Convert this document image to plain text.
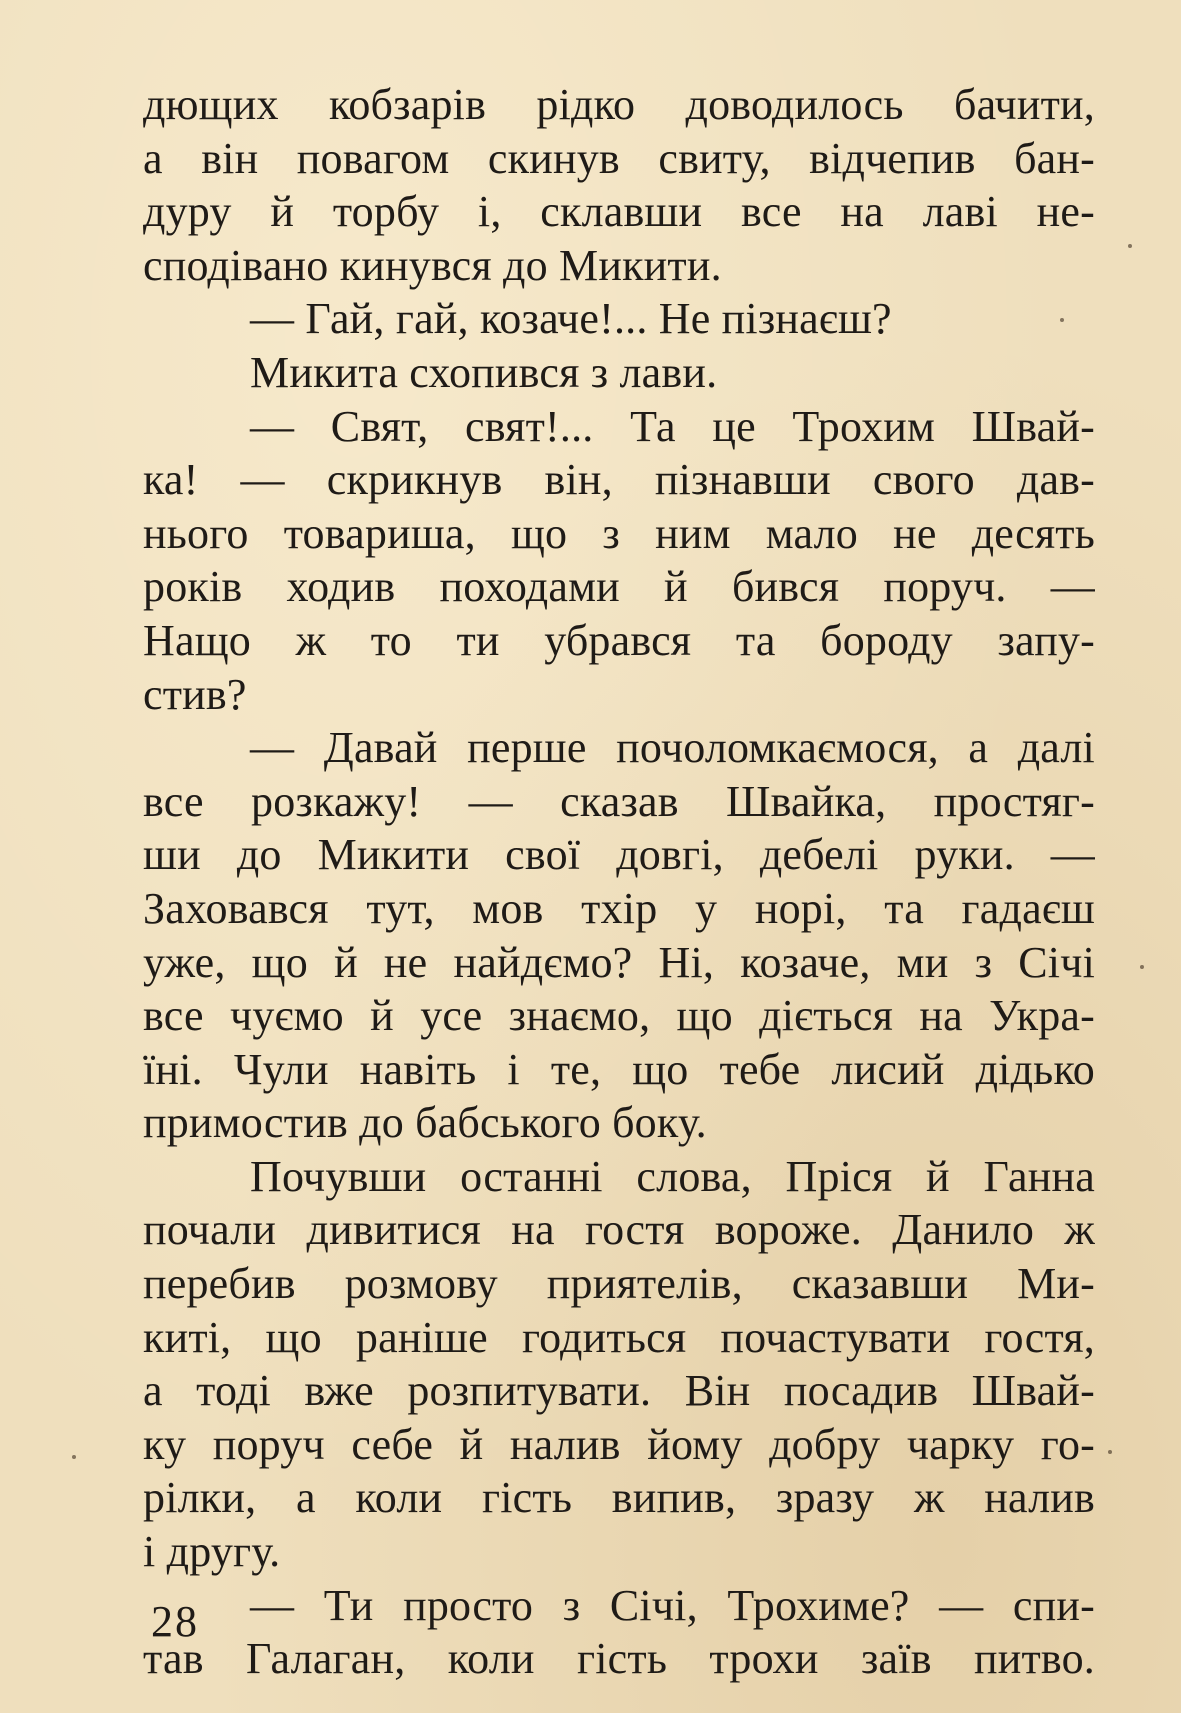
дющих кобзарів рідко доводилось бачити,
а він повагом скинув свиту, відчепив бан-
дуру й торбу і, склавши все на лаві не-
сподівано кинувся до Микити.
— Гай, гай, козаче!... Не пізнаєш?
Микита схопився з лави.
— Свят, свят!... Та це Трохим Швай-
ка! — скрикнув він, пізнавши свого дав-
нього товариша, що з ним мало не десять
років ходив походами й бився поруч. —
Нащо ж то ти убрався та бороду запу-
стив?
— Давай перше почоломкаємося, а далі
все розкажу! — сказав Швайка, простяг-
ши до Микити свої довгі, дебелі руки. —
Заховався тут, мов тхір у норі, та гадаєш
уже, що й не найдємо? Ні, козаче, ми з Січі
все чуємо й усе знаємо, що діється на Укра-
їні. Чули навіть і те, що тебе лисий дідько
примостив до бабського боку.
Почувши останні слова, Пріся й Ганна
почали дивитися на гостя вороже. Данило ж
перебив розмову приятелів, сказавши Ми-
киті, що раніше годиться почастувати гостя,
а тоді вже розпитувати. Він посадив Швай-
ку поруч себе й налив йому добру чарку го-
рілки, а коли гість випив, зразу ж налив
і другу.
— Ти просто з Січі, Трохиме? — спи-
тав Галаган, коли гість трохи заїв питво.
28
